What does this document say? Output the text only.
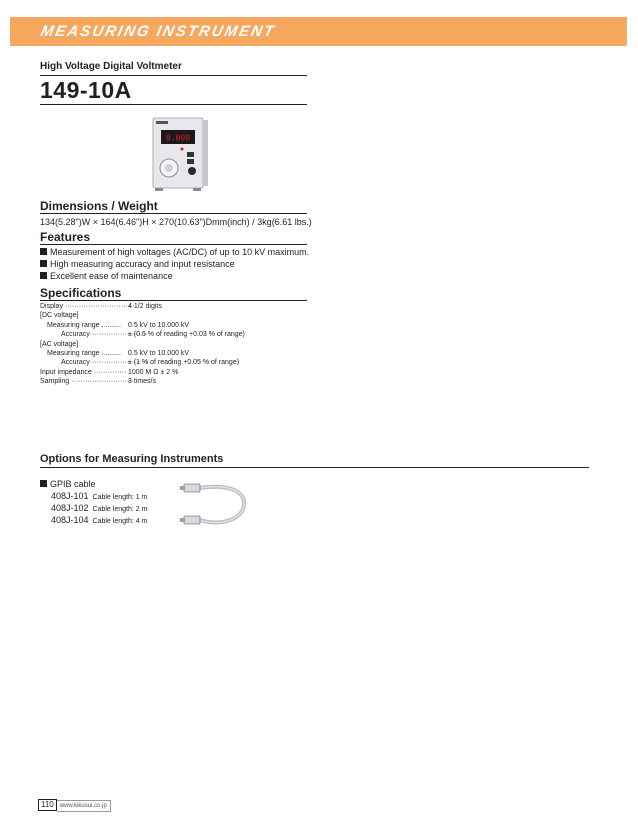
MEASURING INSTRUMENT
High Voltage Digital Voltmeter
149-10A
0.000
Dimensions / Weight
134(5.28")W × 164(6.46")H × 270(10.63")Dmm(inch) / 3kg(6.61 lbs.)
Features
Measurement of high voltages (AC/DC) of up to 10 kV maximum.
High measuring accuracy and input resistance
Excellent ease of maintenance
Specifications
Display ······························
4 1/2 digits
[DC voltage]
Measuring range .......... 0.5 kV to 10.000 kV
Accuracy·························
± (0.5 % of reading +0.03 % of range)
[AC voltage]
Measuring range .......... 0.5 kV to 10.000 kV
Accuracy·························
± (1 % of reading +0.05 % of range)
Input impedance ·············· 1000 M Ω ± 2 %
Sampling ···························
3 times/s
Options for Measuring Instruments
GPIB cable
408J-101 Cable length: 1 m
408J-102 Cable length: 2 m
408J-104 Cable length: 4 m
110 www.kikusui.co.jp
